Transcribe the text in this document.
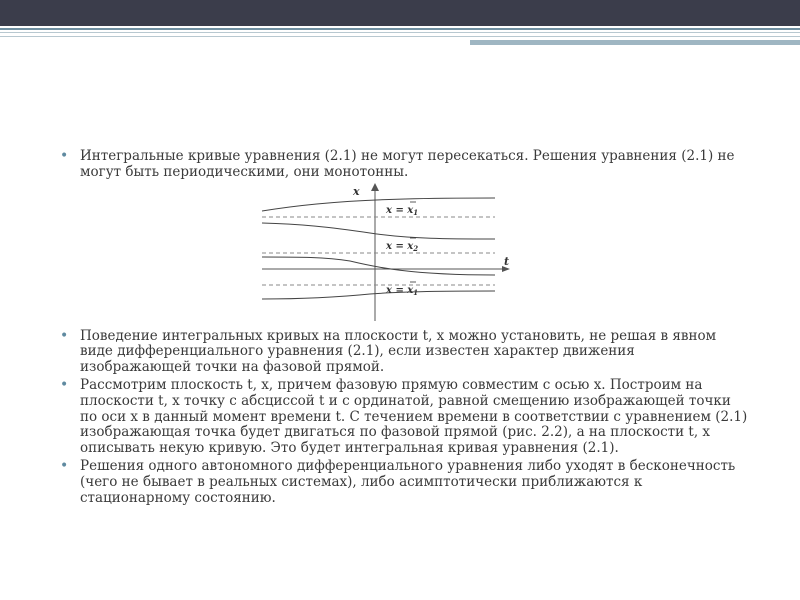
• Интегральные кривые уравнения (2.1) не могут пересекаться. Решения уравнения (2.1) не могут быть периодическими, они монотонны.
x
t
$x = x_1$
$x = x_2$
$x = x_1$
• Поведение интегральных кривых на плоскости t, x можно установить, не решая в явном виде дифференциального уравнения (2.1), если известен характер движения изображающей точки на фазовой прямой.
• Рассмотрим плоскость t, x, причем фазовую прямую совместим с осью x. Построим на плоскости t, x точку с абсциссой t и с ординатой, равной смещению изображающей точки по оси x в данный момент времени t. С течением времени в соответствии с уравнением (2.1) изображающая точка будет двигаться по фазовой прямой (рис. 2.2), а на плоскости t, x описывать некую кривую. Это будет интегральная кривая уравнения (2.1).
• Решения одного автономного дифференциального уравнения либо уходят в бесконечность (чего не бывает в реальных системах), либо асимптотически приближаются к стационарному состоянию.
